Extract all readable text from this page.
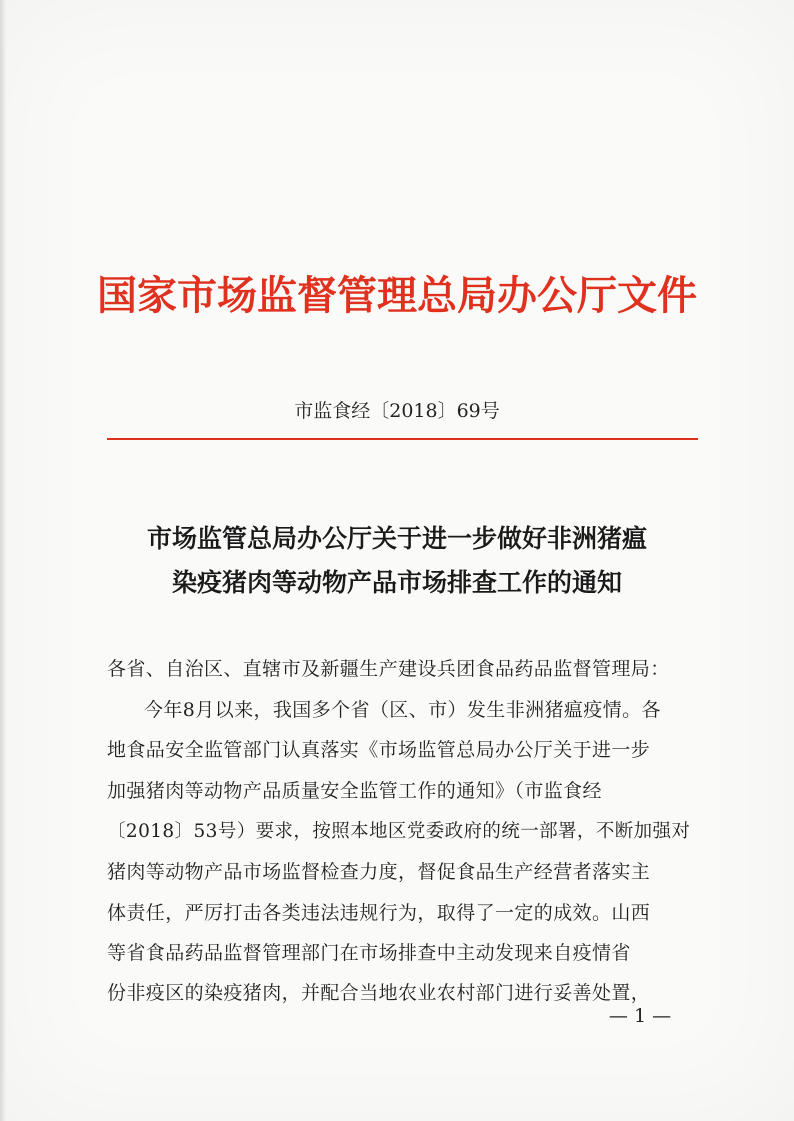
国家市场监督管理总局办公厅文件
市监食经〔2018〕69号
市场监管总局办公厅关于进一步做好非洲猪瘟
染疫猪肉等动物产品市场排查工作的通知
各省、自治区、直辖市及新疆生产建设兵团食品药品监督管理局：
今年8月以来，我国多个省（区、市）发生非洲猪瘟疫情。各
地食品安全监管部门认真落实《市场监管总局办公厅关于进一步
加强猪肉等动物产品质量安全监管工作的通知》（市监食经
〔2018〕53号）要求，按照本地区党委政府的统一部署，不断加强对
猪肉等动物产品市场监督检查力度，督促食品生产经营者落实主
体责任，严厉打击各类违法违规行为，取得了一定的成效。山西
等省食品药品监督管理部门在市场排查中主动发现来自疫情省
份非疫区的染疫猪肉，并配合当地农业农村部门进行妥善处置，
— 1 —
